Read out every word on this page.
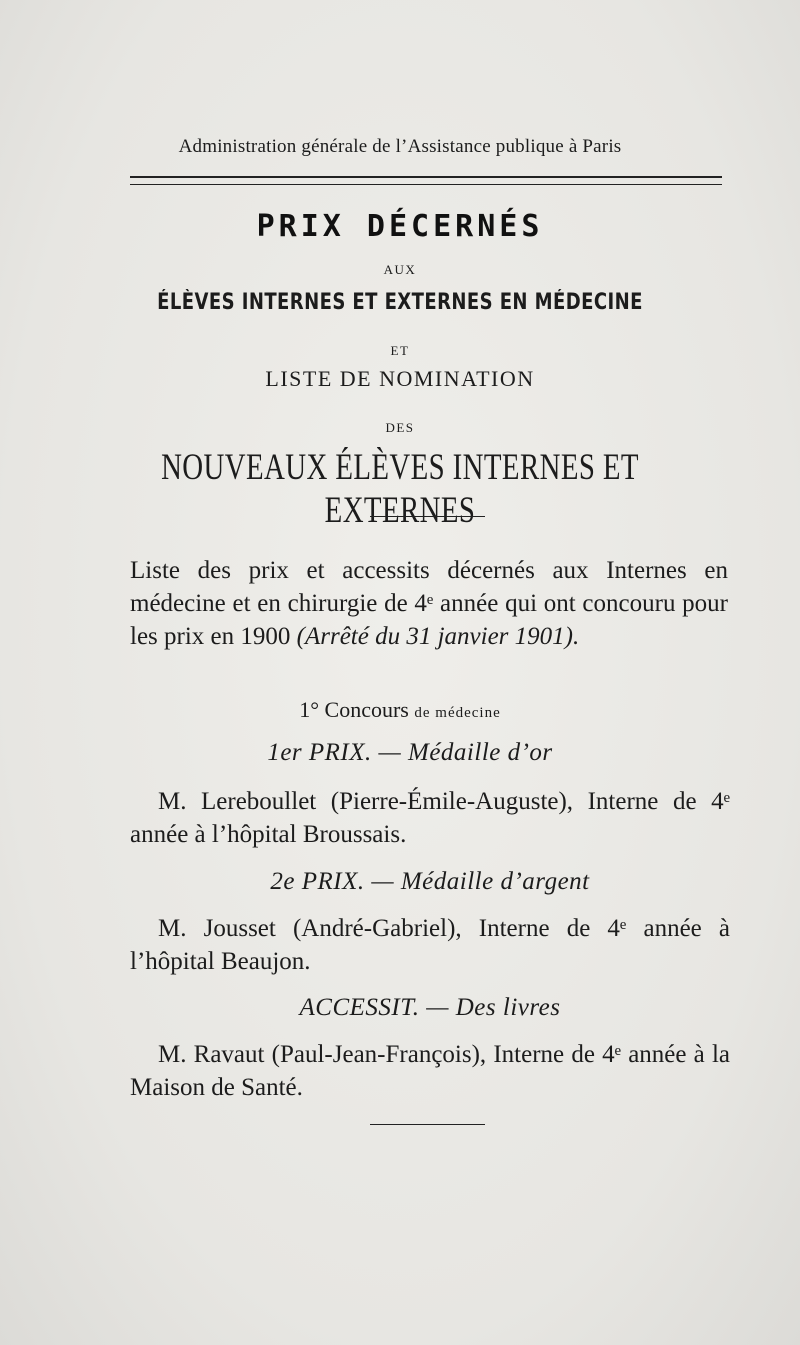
Administration générale de l’Assistance publique à Paris
PRIX DÉCERNÉS
AUX
ÉLÈVES INTERNES ET EXTERNES EN MÉDECINE
ET
LISTE DE NOMINATION
DES
NOUVEAUX ÉLÈVES INTERNES ET EXTERNES
Liste des prix et accessits décernés aux Internes en médecine et en chirurgie de 4ᵉ année qui ont concouru pour les prix en 1900 (Arrêté du 31 janvier 1901).
1° Concours de médecine
1er PRIX. — Médaille d’or
M. Lereboullet (Pierre-Émile-Auguste), Interne de 4ᵉ année à l’hôpital Broussais.
2e PRIX. — Médaille d’argent
M. Jousset (André-Gabriel), Interne de 4ᵉ année à l’hôpital Beaujon.
ACCESSIT. — Des livres
M. Ravaut (Paul-Jean-François), Interne de 4ᵉ année à la Maison de Santé.
